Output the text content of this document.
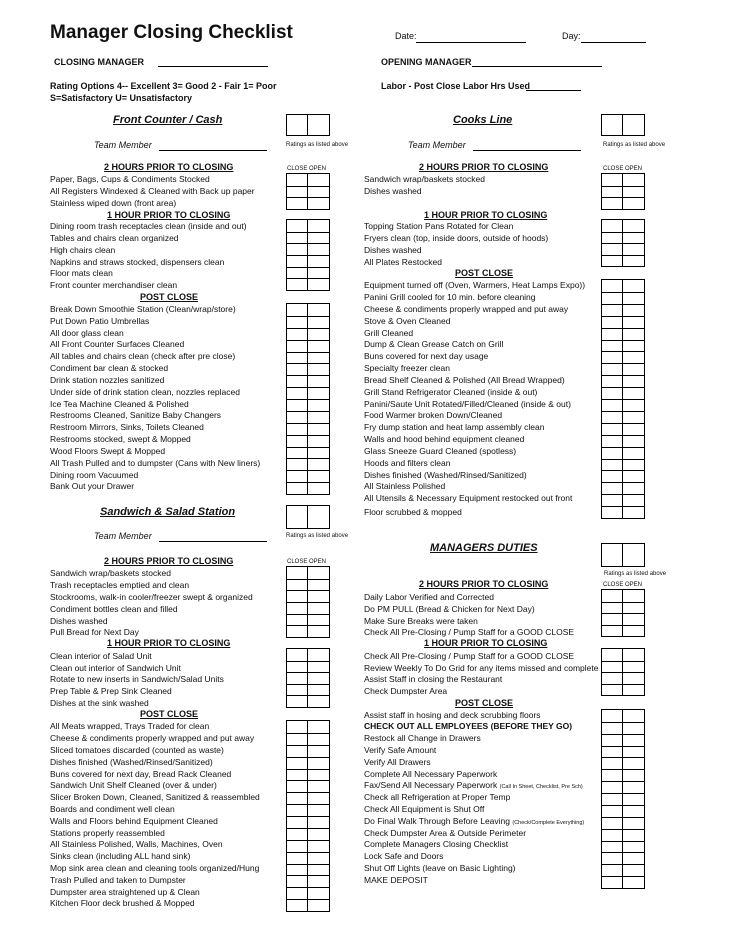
Manager Closing Checklist	Date:	Day:
CLOSING MANAGER	OPENING MANAGER
Rating Options 4-- Excellent 3= Good 2 - Fair 1= Poor
S=Satisfactory U= Unsatisfactory
Labor - Post Close Labor Hrs Used
Front Counter / Cash
Team Member	Ratings as listed above
Cooks Line
Team Member	Ratings as listed above
2 HOURS PRIOR TO CLOSING	CLOSE OPEN
Paper, Bags, Cups & Condiments Stocked
All Registers Windexed & Cleaned with Back up paper
Stainless wiped down (front area)
1 HOUR PRIOR TO CLOSING
Dining room trash receptacles clean (inside and out)
Tables and chairs clean organized
High chairs clean
Napkins and straws stocked, dispensers clean
Floor mats clean
Front counter merchandiser clean
POST CLOSE
Break Down Smoothie Station (Clean/wrap/store)
Put Down Patio Umbrellas
All door glass clean
All Front Counter Surfaces Cleaned
All tables and chairs clean (check after pre close)
Condiment bar clean & stocked
Drink station nozzles sanitized
Under side of drink station clean, nozzles replaced
Ice Tea Machine Cleaned & Polished
Restrooms Cleaned, Sanitize Baby Changers
Restroom Mirrors, Sinks, Toilets Cleaned
Restrooms stocked, swept & Mopped
Wood Floors Swept & Mopped
All Trash Pulled and to dumpster (Cans with New liners)
Dining room Vacuumed
Bank Out your Drawer
Sandwich & Salad Station
Team Member	Ratings as listed above
2 HOURS PRIOR TO CLOSING	CLOSE OPEN
Sandwich wrap/baskets stocked
Trash receptacles emptied and clean
Stockrooms, walk-in cooler/freezer swept & organized
Condiment bottles clean and filled
Dishes washed
Pull Bread for Next Day
1 HOUR PRIOR TO CLOSING
Clean interior of Salad Unit
Clean out interior of Sandwich Unit
Rotate to new inserts in Sandwich/Salad Units
Prep Table & Prep Sink Cleaned
Dishes at the sink washed
POST CLOSE
All Meats wrapped, Trays Traded for clean
Cheese & condiments properly wrapped and put away
Sliced tomatoes discarded (counted as waste)
Dishes finished (Washed/Rinsed/Sanitized)
Buns covered for next day, Bread Rack Cleaned
Sandwich Unit Shelf Cleaned (over & under)
Slicer Broken Down, Cleaned, Sanitized & reassembled
Boards and condiment well clean
Walls and Floors behind Equipment Cleaned
Stations properly reassembled
All Stainless Polished, Walls, Machines, Oven
Sinks clean (including ALL hand sink)
Mop sink area clean and cleaning tools organized/Hung
Trash Pulled and taken to Dumpster
Dumpster area straightened up & Clean
Kitchen Floor deck brushed & Mopped
2 HOURS PRIOR TO CLOSING	CLOSE OPEN
Sandwich wrap/baskets stocked
Dishes washed
1 HOUR PRIOR TO CLOSING
Topping Station Pans Rotated for Clean
Fryers clean (top, inside doors, outside of hoods)
Dishes washed
All Plates Restocked
POST CLOSE
Equipment turned off (Oven, Warmers, Heat Lamps Expo))
Panini Grill cooled for 10 min. before cleaning
Cheese & condiments properly wrapped and put away
Stove & Oven Cleaned
Grill Cleaned
Dump & Clean Grease Catch on Grill
Buns covered for next day usage
Specialty freezer clean
Bread Shelf Cleaned & Polished (All Bread Wrapped)
Grill Stand Refrigerator Cleaned (inside & out)
Panini/Saute Unit Rotated/Filled/Cleaned (inside & out)
Food Warmer broken Down/Cleaned
Fry dump station and heat lamp assembly clean
Walls and hood behind equipment cleaned
Glass Sneeze Guard Cleaned (spotless)
Hoods and filters clean
Dishes finished (Washed/Rinsed/Sanitized)
All Stainless Polished
All Utensils & Necessary Equipment restocked out front
Floor scrubbed & mopped
MANAGERS DUTIES
Ratings as listed above
2 HOURS PRIOR TO CLOSING	CLOSE OPEN
Daily Labor Verified and Corrected
Do PM PULL (Bread & Chicken for Next Day)
Make Sure Breaks were taken
Check All Pre-Closing / Pump Staff for a GOOD CLOSE
1 HOUR PRIOR TO CLOSING
Check All Pre-Closing / Pump Staff for a GOOD CLOSE
Review Weekly To Do Grid for any items missed and complete
Assist Staff in closing the Restaurant
Check Dumpster Area
POST CLOSE
Assist staff in hosing and deck scrubbing floors
CHECK OUT ALL EMPLOYEES (BEFORE THEY GO)
Restock all Change in Drawers
Verify Safe Amount
Verify All Drawers
Complete All Necessary Paperwork
Fax/Send All Necessary Paperwork (Call In Sheet, Checklist, Pre Sch)
Check all Refrigeration at Proper Temp
Check All Equipment is Shut Off
Do Final Walk Through Before Leaving (Check/Complete Everything)
Check Dumpster Area & Outside Perimeter
Complete Managers Closing Checklist
Lock Safe and Doors
Shut Off Lights (leave on Basic Lighting)
MAKE DEPOSIT
